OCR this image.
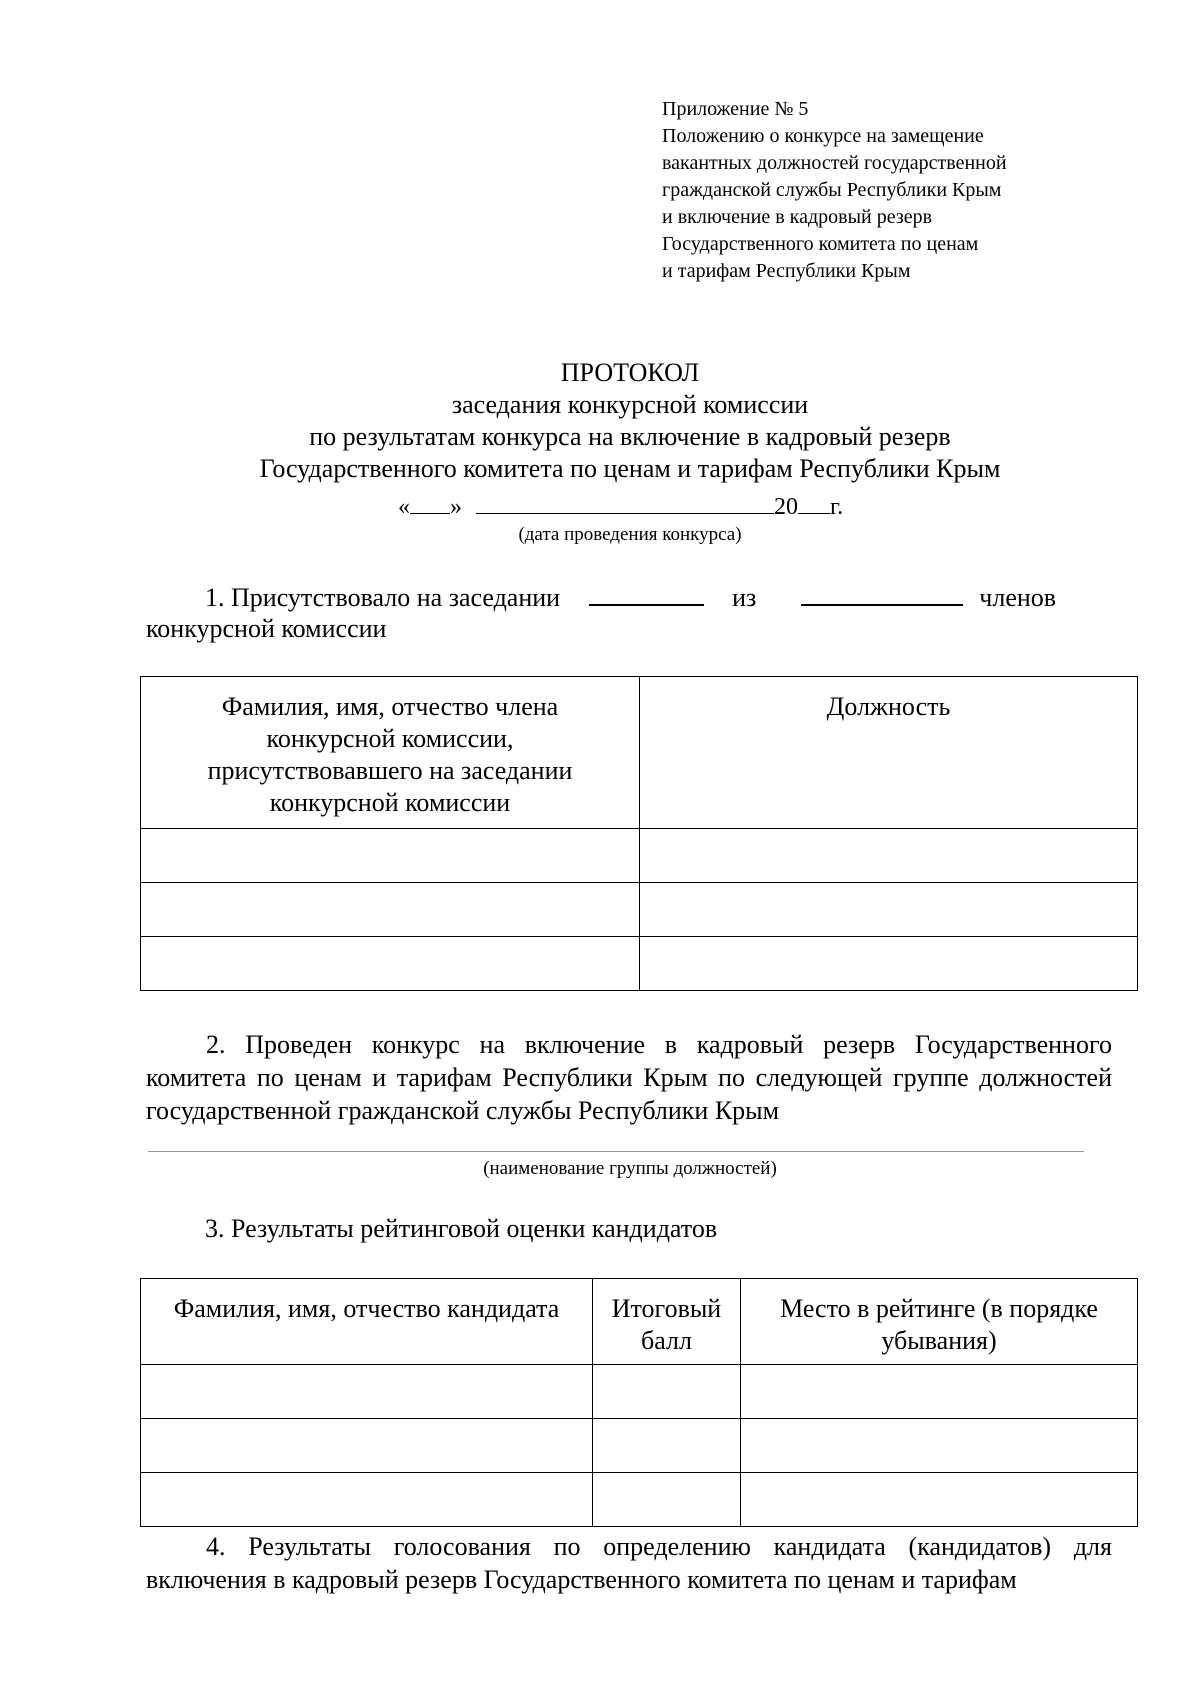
Приложение № 5
Положению о конкурсе на замещение
вакантных должностей государственной
гражданской службы Республики Крым
и включение в кадровый резерв
Государственного комитета по ценам
и тарифам Республики Крым
ПРОТОКОЛ
заседания конкурсной комиссии
по результатам конкурса на включение в кадровый резерв
Государственного комитета по ценам и тарифам Республики Крым
« »	20 г.
(дата проведения конкурса)
1. Присутствовало на заседании	из	членов
конкурсной комиссии
Фамилия, имя, отчество члена конкурсной комиссии, присутствовавшего на заседании конкурсной комиссии	Должность

2. Проведен конкурс на включение в кадровый резерв Государственного комитета по ценам и тарифам Республики Крым по следующей группе должностей государственной гражданской службы Республики Крым
(наименование группы должностей)
3. Результаты рейтинговой оценки кандидатов
Фамилия, имя, отчество кандидата	Итоговый балл	Место в рейтинге (в порядке убывания)

4. Результаты голосования по определению кандидата (кандидатов) для включения в кадровый резерв Государственного комитета по ценам и тарифам
